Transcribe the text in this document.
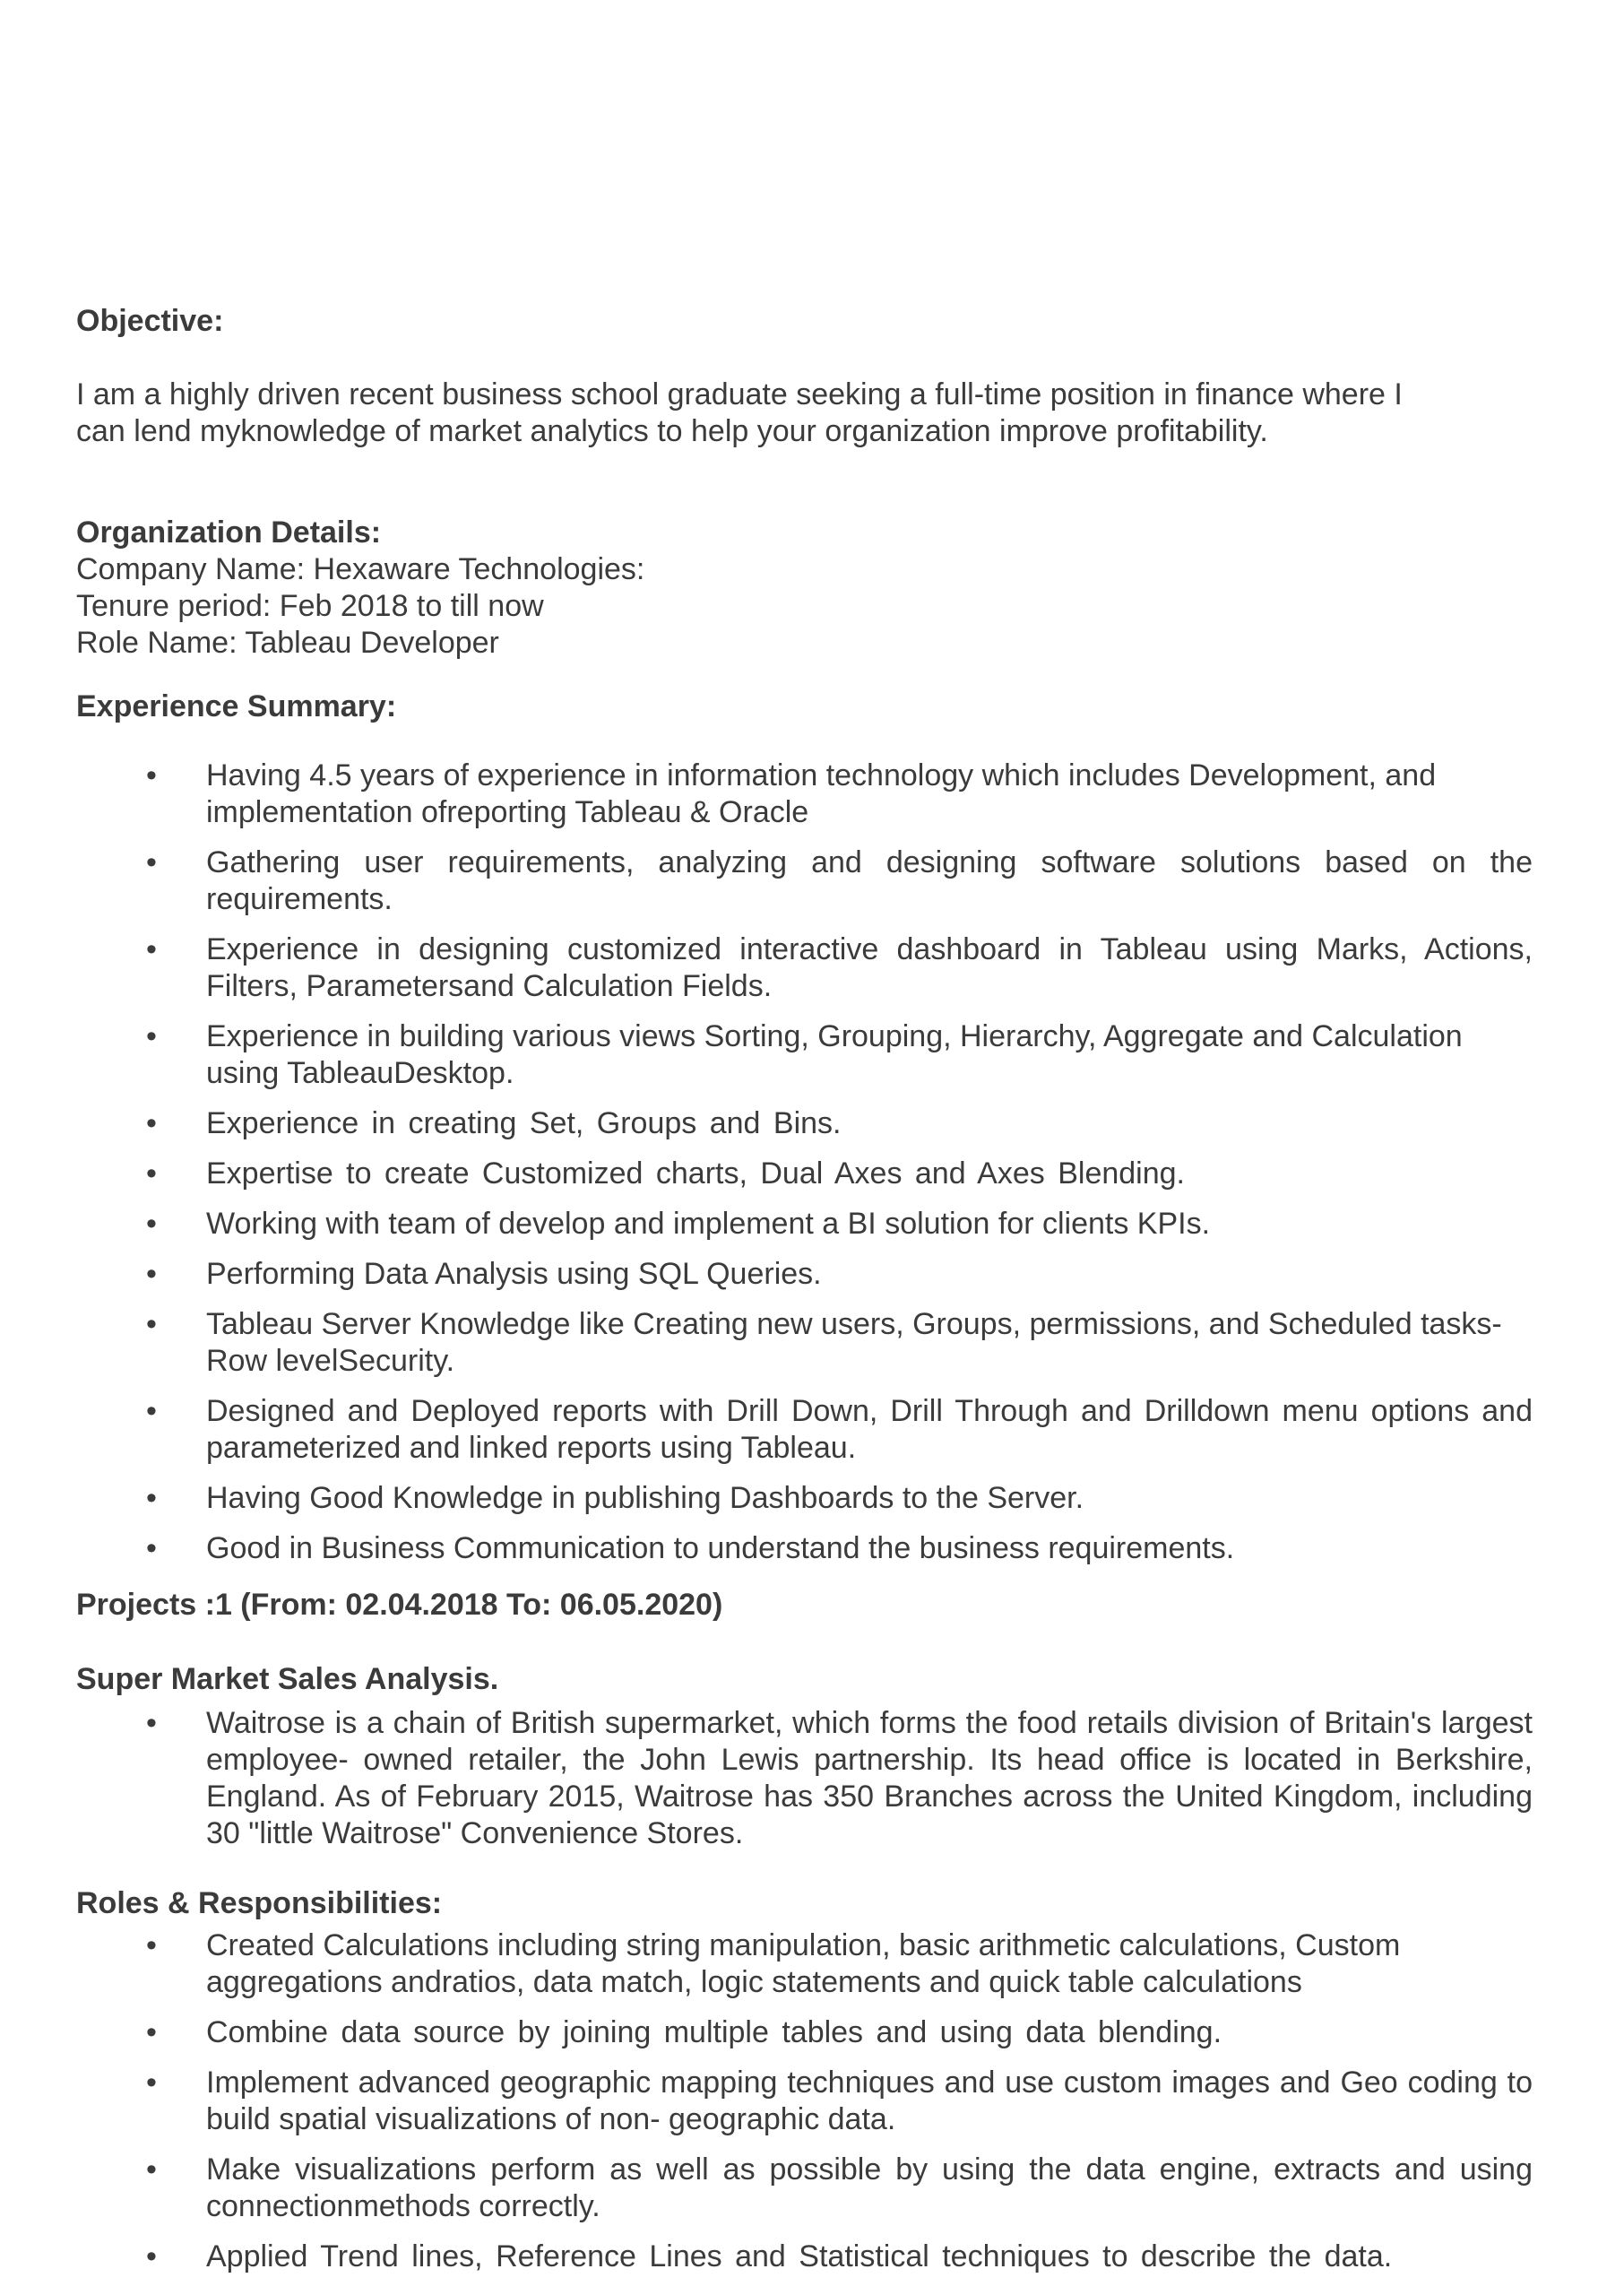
Objective:

I am a highly driven recent business school graduate seeking a full-time position in finance where I can lend myknowledge of market analytics to help your organization improve profitability.

Organization Details:

Company Name: Hexaware Technologies:

Tenure period: Feb 2018 to till now

Role Name: Tableau Developer

Experience Summary:
• Having 4.5 years of experience in information technology which includes Development, and implementation ofreporting Tableau & Oracle
• Gathering user requirements, analyzing and designing software solutions based on the requirements.
• Experience in designing customized interactive dashboard in Tableau using Marks, Actions, Filters, Parametersand Calculation Fields.
• Experience in building various views Sorting, Grouping, Hierarchy, Aggregate and Calculation using TableauDesktop.
• Experience in creating Set, Groups and Bins.
• Expertise to create Customized charts, Dual Axes and Axes Blending.
• Working with team of develop and implement a BI solution for clients KPIs.
• Performing Data Analysis using SQL Queries.
• Tableau Server Knowledge like Creating new users, Groups, permissions, and Scheduled tasks- Row levelSecurity.
• Designed and Deployed reports with Drill Down, Drill Through and Drilldown menu options and parameterized and linked reports using Tableau.
• Having Good Knowledge in publishing Dashboards to the Server.
• Good in Business Communication to understand the business requirements.
Projects :1 (From: 02.04.2018 To: 06.05.2020)
Super Market Sales Analysis.
• Waitrose is a chain of British supermarket, which forms the food retails division of Britain's largest employee- owned retailer, the John Lewis partnership. Its head office is located in Berkshire, England. As of February 2015, Waitrose has 350 Branches across the United Kingdom, including 30 "little Waitrose" Convenience Stores.
Roles & Responsibilities:
• Created Calculations including string manipulation, basic arithmetic calculations, Custom aggregations andratios, data match, logic statements and quick table calculations
• Combine data source by joining multiple tables and using data blending.
• Implement advanced geographic mapping techniques and use custom images and Geo coding to build spatial visualizations of non- geographic data.
• Make visualizations perform as well as possible by using the data engine, extracts and using connectionmethods correctly.
• Applied Trend lines, Reference Lines and Statistical techniques to describe the data.
